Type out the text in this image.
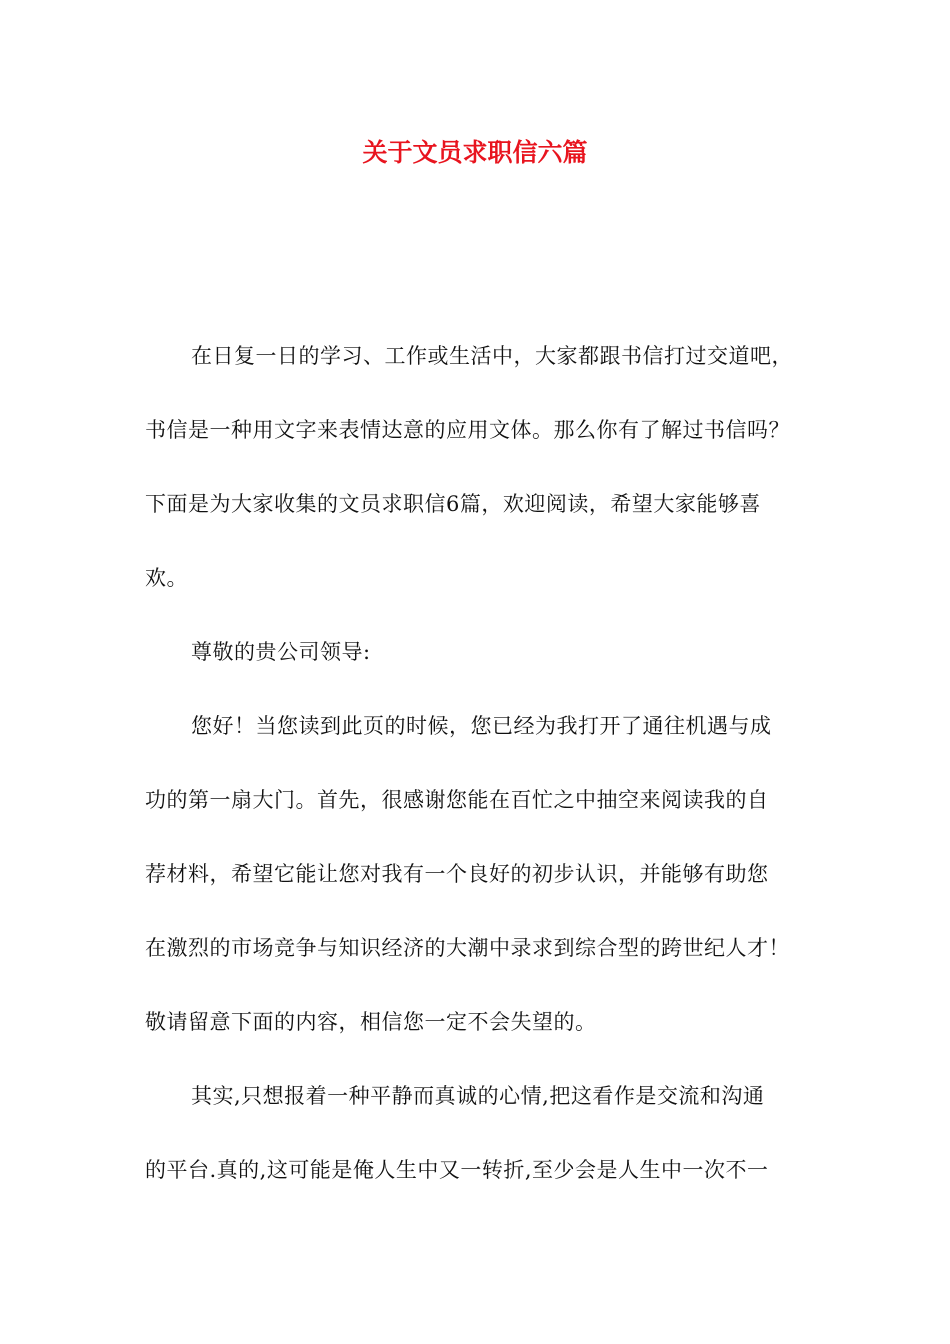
关于文员求职信六篇
在日复一日的学习、工作或生活中，大家都跟书信打过交道吧，
书信是一种用文字来表情达意的应用文体。那么你有了解过书信吗？
下面是为大家收集的文员求职信6篇，欢迎阅读，希望大家能够喜
欢。
尊敬的贵公司领导:
您好！当您读到此页的时候，您已经为我打开了通往机遇与成
功的第一扇大门。首先，很感谢您能在百忙之中抽空来阅读我的自
荐材料，希望它能让您对我有一个良好的初步认识，并能够有助您
在激烈的市场竞争与知识经济的大潮中录求到综合型的跨世纪人才！
敬请留意下面的内容，相信您一定不会失望的。
其实,只想报着一种平静而真诚的心情,把这看作是交流和沟通
的平台.真的,这可能是俺人生中又一转折,至少会是人生中一次不一
